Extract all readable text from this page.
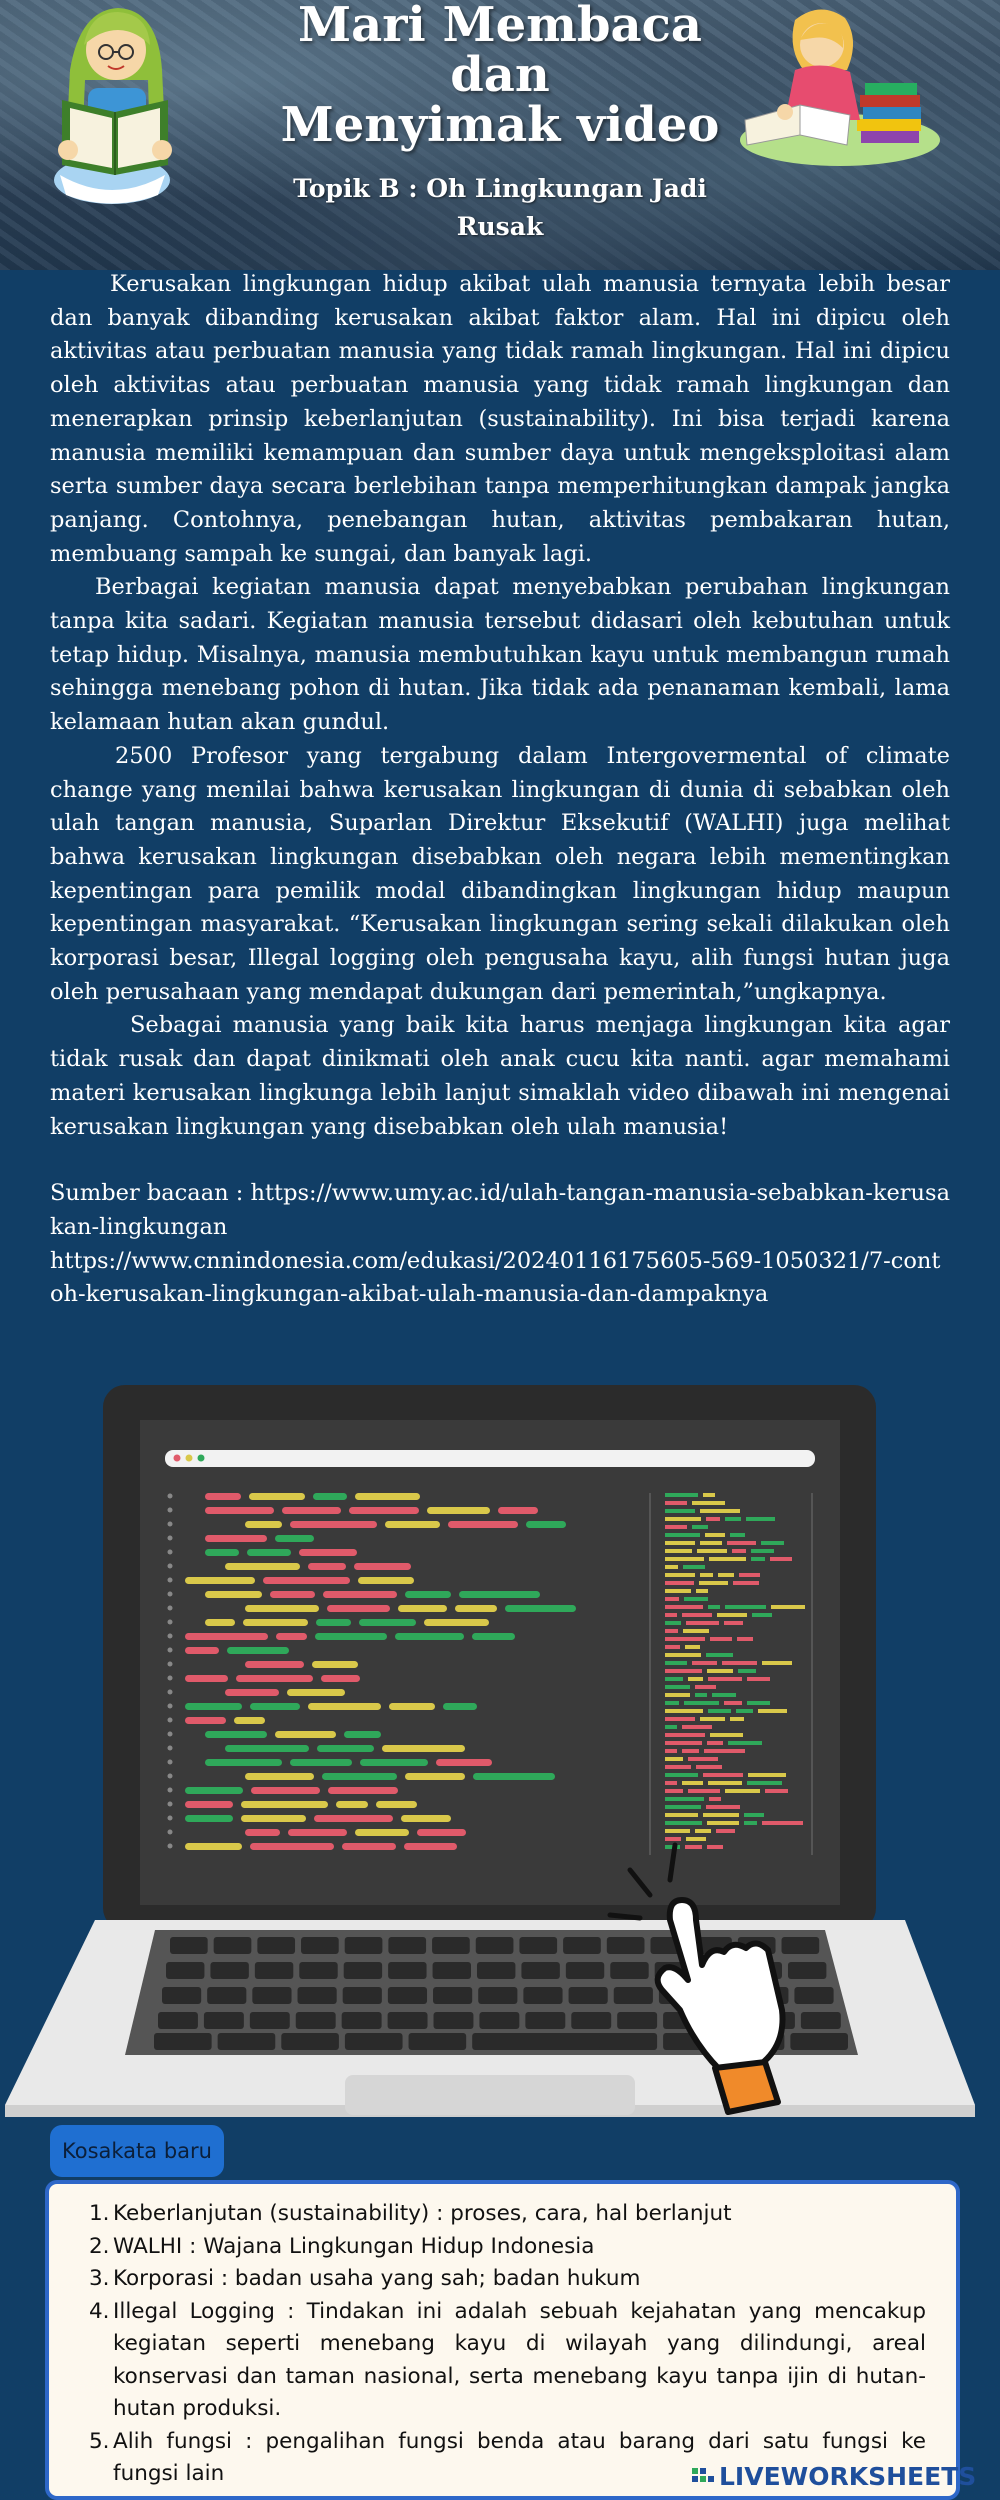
Mari Membaca
dan
Menyimak video
Topik B : Oh Lingkungan Jadi Rusak

Kerusakan lingkungan hidup akibat ulah manusia ternyata lebih besar dan banyak dibanding kerusakan akibat faktor alam. Hal ini dipicu oleh aktivitas atau perbuatan manusia yang tidak ramah lingkungan. Hal ini dipicu oleh aktivitas atau perbuatan manusia yang tidak ramah lingkungan dan menerapkan prinsip keberlanjutan (sustainability). Ini bisa terjadi karena manusia memiliki kemampuan dan sumber daya untuk mengeksploitasi alam serta sumber daya secara berlebihan tanpa memperhitungkan dampak jangka panjang. Contohnya, penebangan hutan, aktivitas pembakaran hutan, membuang sampah ke sungai, dan banyak lagi.

Berbagai kegiatan manusia dapat menyebabkan perubahan lingkungan tanpa kita sadari. Kegiatan manusia tersebut didasari oleh kebutuhan untuk tetap hidup. Misalnya, manusia membutuhkan kayu untuk membangun rumah sehingga menebang pohon di hutan. Jika tidak ada penanaman kembali, lama kelamaan hutan akan gundul.

2500 Profesor yang tergabung dalam Intergovermental of climate change yang menilai bahwa kerusakan lingkungan di dunia di sebabkan oleh ulah tangan manusia, Suparlan Direktur Eksekutif (WALHI) juga melihat bahwa kerusakan lingkungan disebabkan oleh negara lebih mementingkan kepentingan para pemilik modal dibandingkan lingkungan hidup maupun kepentingan masyarakat. “Kerusakan lingkungan sering sekali dilakukan oleh korporasi besar, Illegal logging oleh pengusaha kayu, alih fungsi hutan juga oleh perusahaan yang mendapat dukungan dari pemerintah,”ungkapnya.

Sebagai manusia yang baik kita harus menjaga lingkungan kita agar tidak rusak dan dapat dinikmati oleh anak cucu kita nanti. agar memahami materi kerusakan lingkunga lebih lanjut simaklah video dibawah ini mengenai kerusakan lingkungan yang disebabkan oleh ulah manusia!

Sumber bacaan : https://www.umy.ac.id/ulah-tangan-manusia-sebabkan-kerusakan-lingkungan

https://www.cnnindonesia.com/edukasi/20240116175605-569-1050321/7-contoh-kerusakan-lingkungan-akibat-ulah-manusia-dan-dampaknya

Kosakata baru
1. Keberlanjutan (sustainability) : proses, cara, hal berlanjut
2. WALHI : Wajana Lingkungan Hidup Indonesia
3. Korporasi : badan usaha yang sah; badan hukum
4. Illegal Logging : Tindakan ini adalah sebuah kejahatan yang mencakup kegiatan seperti menebang kayu di wilayah yang dilindungi, areal konservasi dan taman nasional, serta menebang kayu tanpa ijin di hutan-hutan produksi.
5. Alih fungsi : pengalihan fungsi benda atau barang dari satu fungsi ke fungsi lain	LIVEWORKSHEETS
